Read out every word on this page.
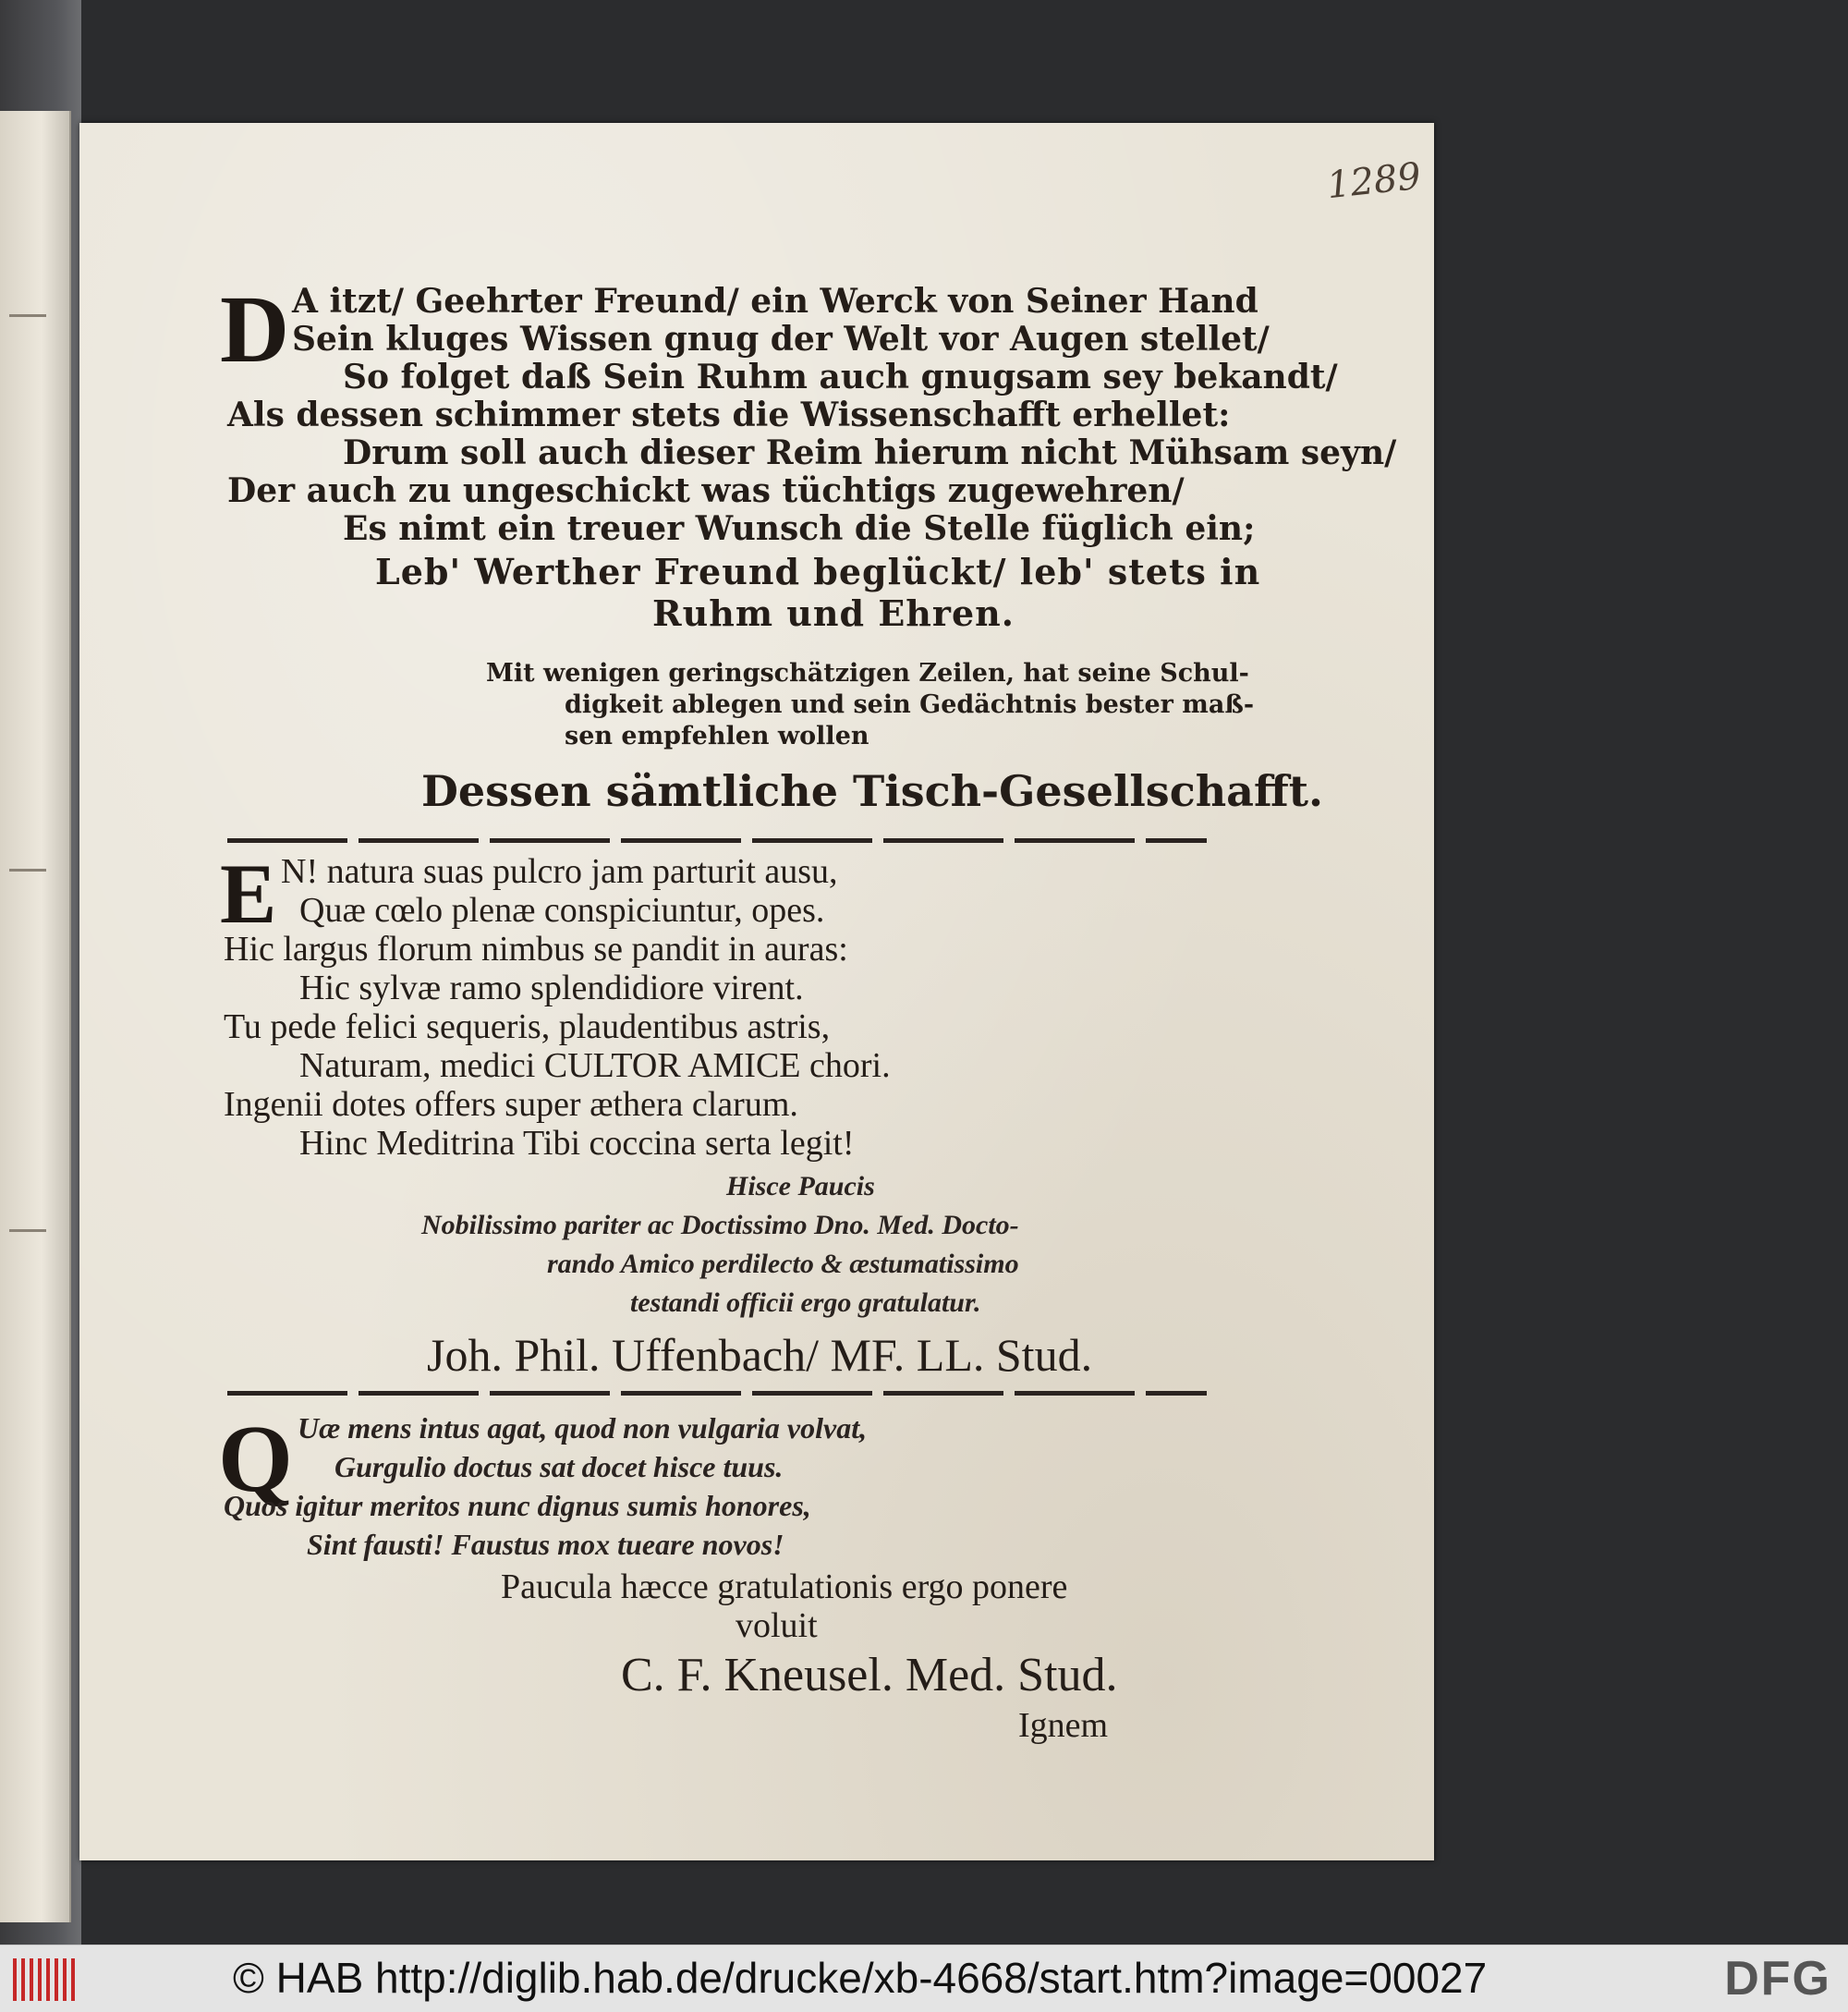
1289
D A itzt/ Geehrter Freund/ ein Werck von Seiner Hand
Sein kluges Wissen gnug der Welt vor Augen stellet/
So folget daß Sein Ruhm auch gnugsam sey bekandt/
Als dessen schimmer stets die Wissenschafft erhellet:
Drum soll auch dieser Reim hierum nicht Mühsam seyn/
Der auch zu ungeschickt was tüchtigs zugewehren/
Es nimt ein treuer Wunsch die Stelle füglich ein;
Leb' Werther Freund beglückt/ leb' stets in
Ruhm und Ehren.
Mit wenigen geringschätzigen Zeilen, hat seine Schul-
digkeit ablegen und sein Gedächtnis bester maß-
sen empfehlen wollen
Dessen sämtliche Tisch-Gesellschafft.
E N! natura suas pulcro jam parturit ausu,
Quæ cœlo plenæ conspiciuntur, opes.
Hic largus florum nimbus se pandit in auras:
Hic sylvæ ramo splendidiore virent.
Tu pede felici sequeris, plaudentibus astris,
Naturam, medici CULTOR AMICE chori.
Ingenii dotes offers super æthera clarum.
Hinc Meditrina Tibi coccina serta legit!
Hisce Paucis
Nobilissimo pariter ac Doctissimo Dno. Med. Docto-
rando Amico perdilecto & æstumatissimo
testandi officii ergo gratulatur.
Joh. Phil. Uffenbach/ MF. LL. Stud.
Q Uæ mens intus agat, quod non vulgaria volvat,
Gurgulio doctus sat docet hisce tuus.
Quos igitur meritos nunc dignus sumis honores,
Sint fausti! Faustus mox tueare novos!
Paucula hæcce gratulationis ergo ponere
voluit
C. F. Kneusel. Med. Stud.
Ignem
© HAB http://diglib.hab.de/drucke/xb-4668/start.htm?image=00027	DFG
